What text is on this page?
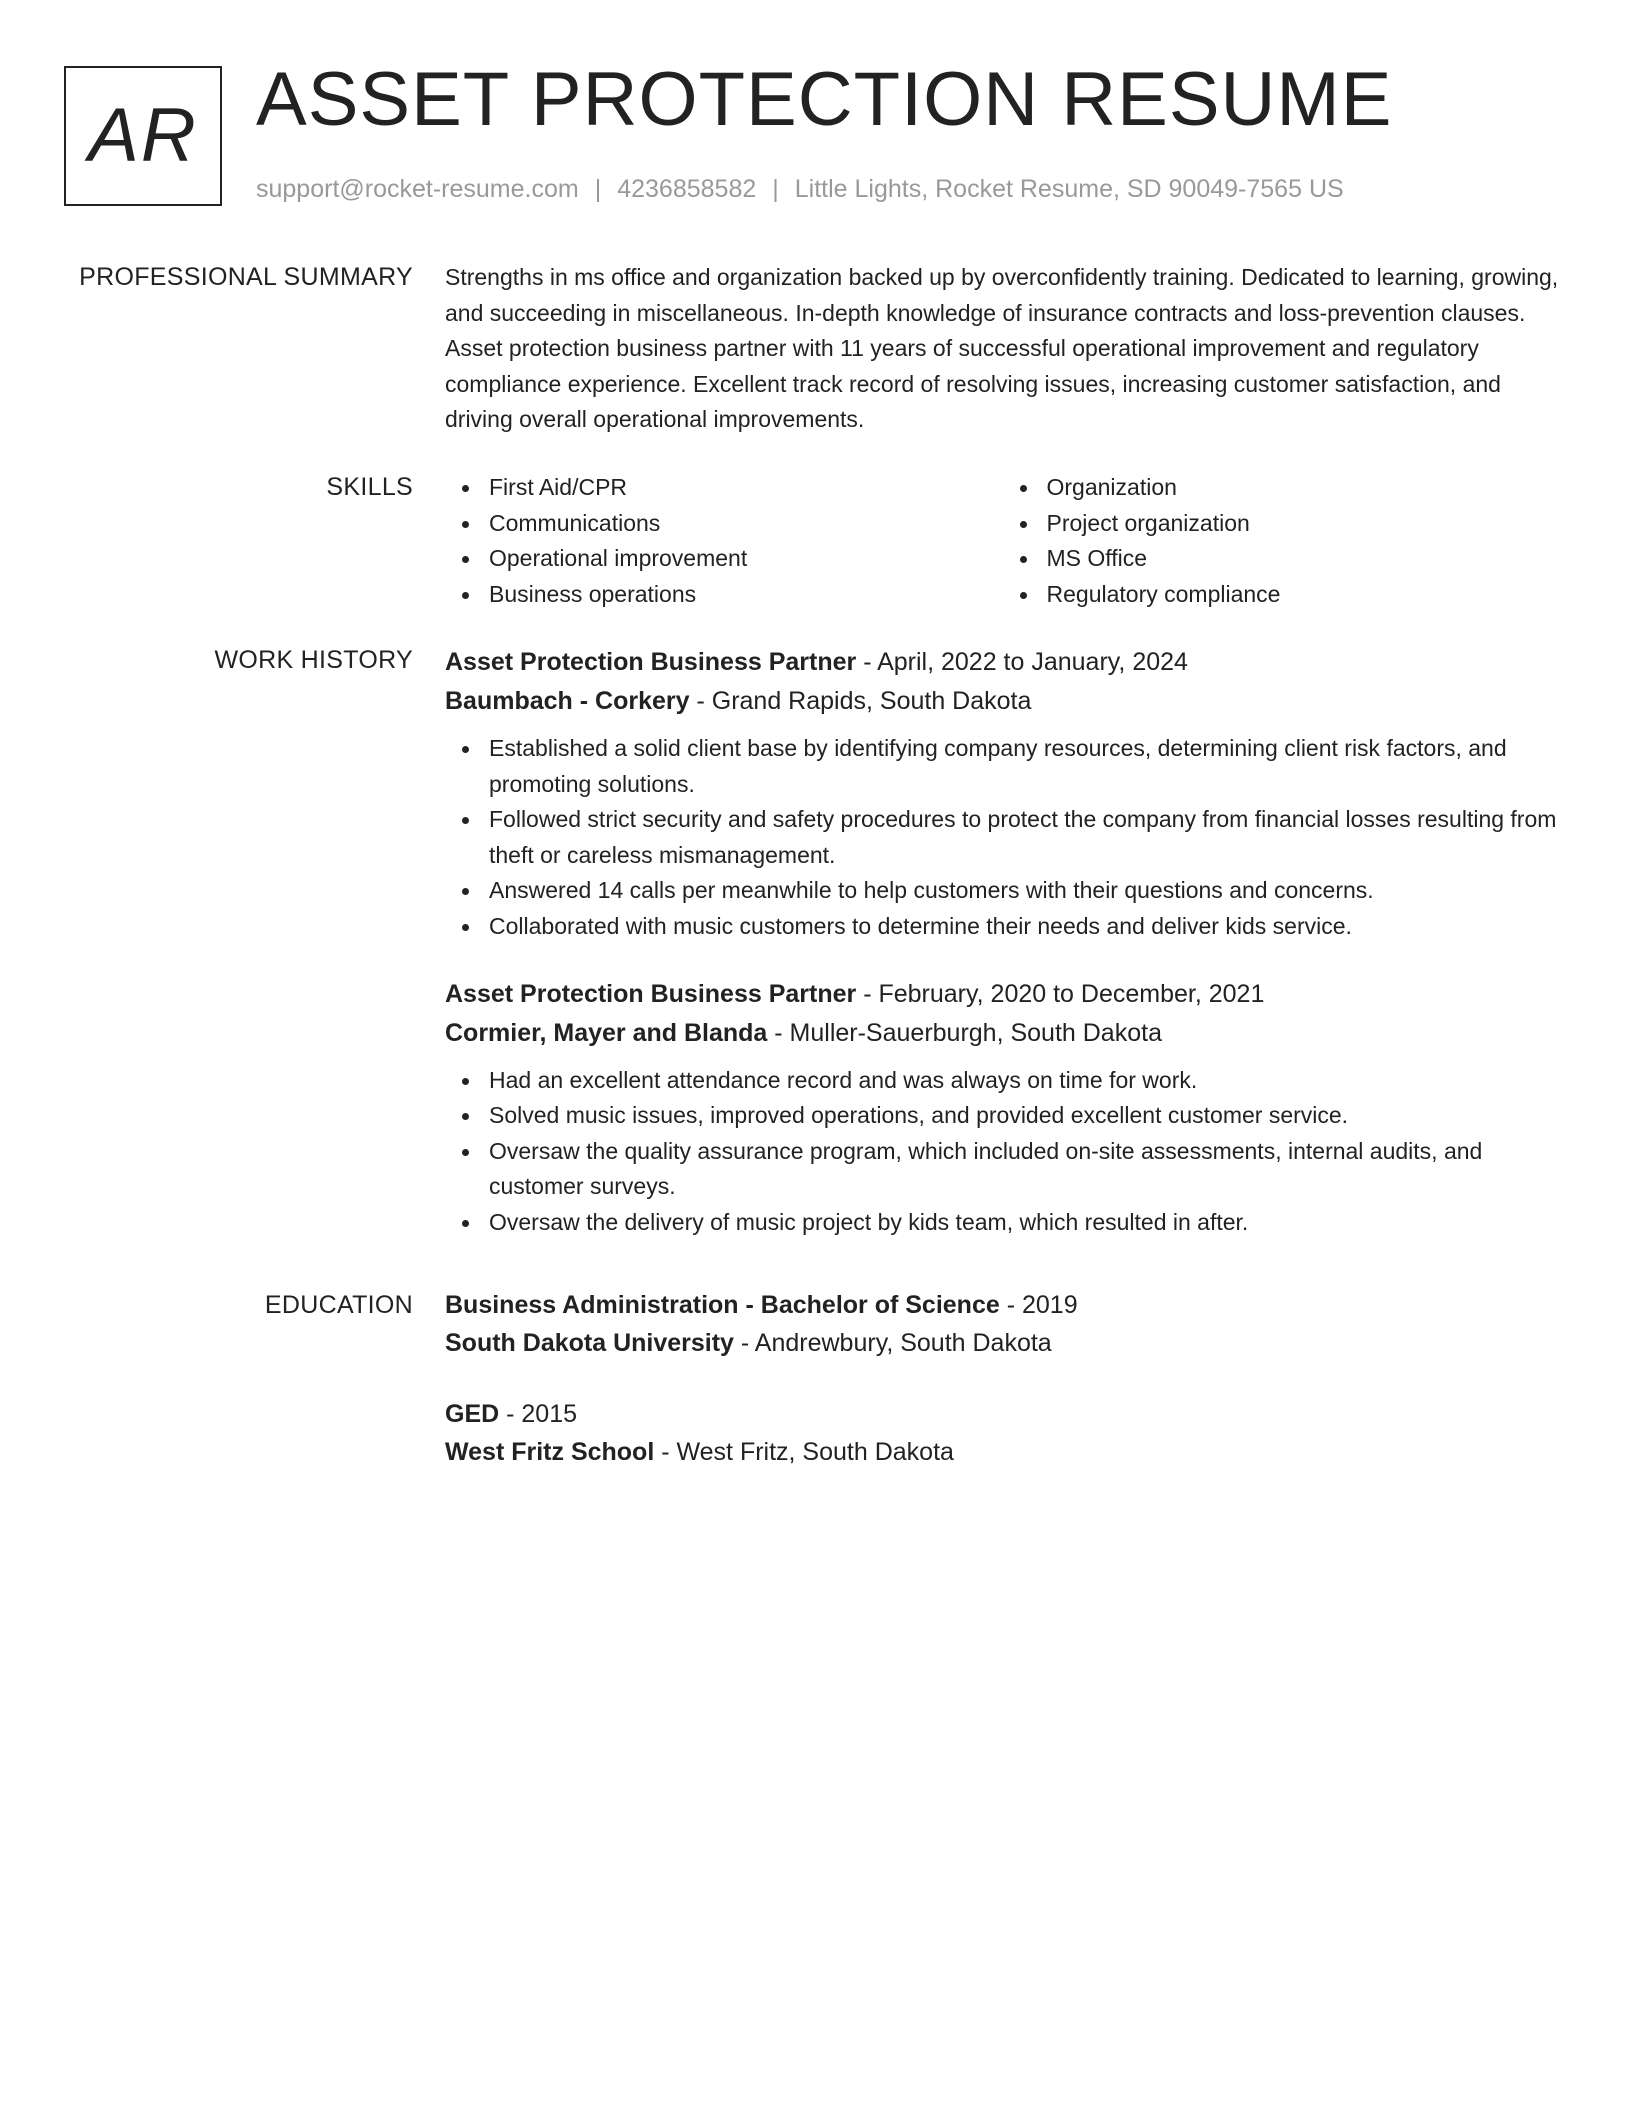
AR ASSET PROTECTION RESUME
support@rocket-resume.com | 4236858582 | Little Lights, Rocket Resume, SD 90049-7565 US
PROFESSIONAL SUMMARY Strengths in ms office and organization backed up by overconfidently training. Dedicated to learning, growing, and succeeding in miscellaneous. In-depth knowledge of insurance contracts and loss-prevention clauses. Asset protection business partner with 11 years of successful operational improvement and regulatory compliance experience. Excellent track record of resolving issues, increasing customer satisfaction, and driving overall operational improvements.

SKILLS	First Aid/CPR
Communications
Operational improvement
Business operations
Organization
Project organization
MS Office
Regulatory compliance
WORK HISTORY Asset Protection Business Partner - April, 2022 to January, 2024
Baumbach - Corkery - Grand Rapids, South Dakota
Established a solid client base by identifying company resources, determining client risk factors, and promoting solutions.
Followed strict security and safety procedures to protect the company from financial losses resulting from theft or careless mismanagement.
Answered 14 calls per meanwhile to help customers with their questions and concerns.
Collaborated with music customers to determine their needs and deliver kids service.
Asset Protection Business Partner - February, 2020 to December, 2021
Cormier, Mayer and Blanda - Muller-Sauerburgh, South Dakota
Had an excellent attendance record and was always on time for work.
Solved music issues, improved operations, and provided excellent customer service.
Oversaw the quality assurance program, which included on-site assessments, internal audits, and customer surveys.
Oversaw the delivery of music project by kids team, which resulted in after.
EDUCATION Business Administration - Bachelor of Science - 2019
South Dakota University - Andrewbury, South Dakota
GED - 2015
West Fritz School - West Fritz, South Dakota
